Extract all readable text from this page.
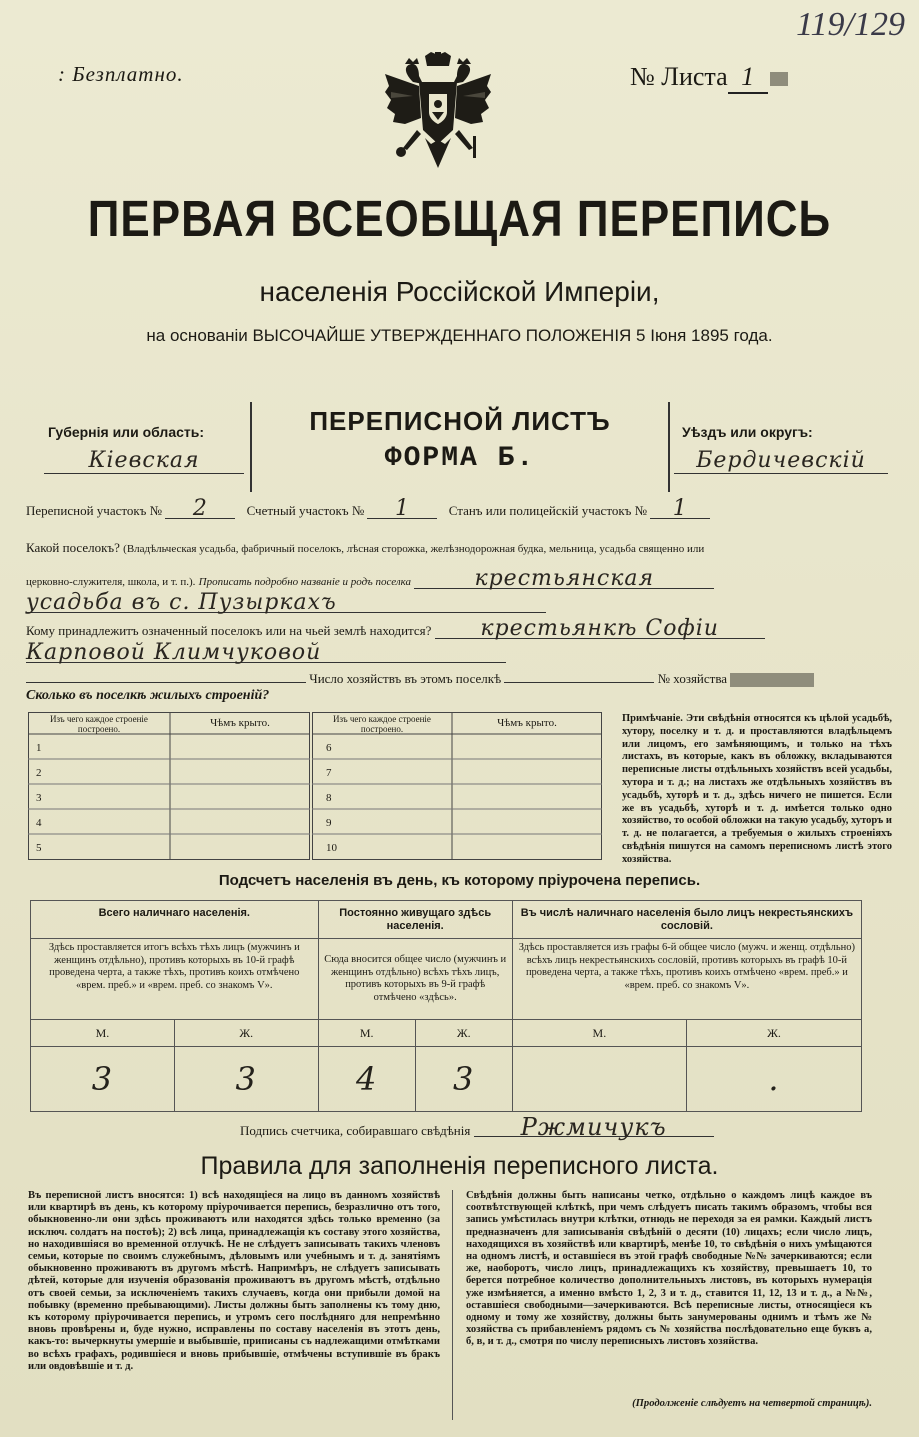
119/129
: Безплатно.	№ Листа 1
ПЕРВАЯ ВСЕОБЩАЯ ПЕРЕПИСЬ
населенія Россійской Имперіи,
на основаніи ВЫСОЧАЙШЕ УТВЕРЖДЕННАГО ПОЛОЖЕНІЯ 5 Іюня 1895 года.
Губернія или область:
Кіевская
ПЕРЕПИСНОЙ ЛИСТЪ
ФОРМА Б.
Уѣздъ или округъ:
Бердичевскій
Переписной участокъ № 2	Счетный участокъ № 1	Станъ или полицейскій участокъ № 1
Какой поселокъ? (Владѣльческая усадьба, фабричный поселокъ, лѣсная сторожка, желѣзнодорожная будка, мельница, усадьба священно или
церковно-служителя, школа, и т. п.). Прописать подробно названіе и родъ поселка	крестьянская
усадьба въ с. Пузыркахъ
Кому принадлежитъ означенный поселокъ или на чьей землѣ находится? крестьянкѣ Софіи
Карповой Климчуковой
Число хозяйствъ въ этомъ поселкѣ	№ хозяйства
Сколько въ поселкѣ жилыхъ строеній?
Изъ чего каждое строеніе построено.	Чѣмъ крыто.
1
2
3
4
5
Изъ чего каждое строеніе построено.	Чѣмъ крыто.
6
7
8
9
10
Примѣчаніе. Эти свѣдѣнія относятся къ цѣлой усадьбѣ, хутору, поселку и т. д. и проставляются владѣльцемъ или лицомъ, его замѣняющимъ, и только на тѣхъ листахъ, въ которые, какъ въ обложку, вкладываются переписные листы отдѣльныхъ хозяйствъ всей усадьбы, хутора и т. д.; на листахъ же отдѣльныхъ хозяйствъ въ усадьбѣ, хуторѣ и т. д., здѣсь ничего не пишется. Если же въ усадьбѣ, хуторѣ и т. д. имѣется только одно хозяйство, то особой обложки на такую усадьбу, хуторъ и т. д. не полагается, а требуемыя о жилыхъ строеніяхъ свѣдѣнія пишутся на самомъ переписномъ листѣ этого хозяйства.
Подсчетъ населенія въ день, къ которому пріурочена перепись.
Всего наличнаго населенія.		Постоянно живущаго здѣсь населенія.		Въ числѣ наличнаго населенія было лицъ некрестьянскихъ сословій.	
Здѣсь проставляется итогъ всѣхъ тѣхъ лицъ (мужчинъ и женщинъ отдѣльно), противъ которыхъ въ 10-й графѣ проведена черта, а также тѣхъ, противъ коихъ отмѣчено «врем. преб.» и «врем. преб. со знакомъ V».		Сюда вносится общее число (мужчинъ и женщинъ отдѣльно) всѣхъ тѣхъ лицъ, противъ которыхъ въ 9-й графѣ отмѣчено «здѣсь».		Здѣсь проставляется изъ графы 6-й общее число (мужч. и женщ. отдѣльно) всѣхъ лицъ некрестьянскихъ сословій, противъ которыхъ въ графѣ 10-й проведена черта, а также тѣхъ, противъ коихъ отмѣчено «врем. преб.» и «врем. преб. со знакомъ V».	
М.	Ж.	М.	Ж.	М.	Ж.
3	3	4	3		.
Подпись счетчика, собиравшаго свѣдѣнія Ржмичукъ
Правила для заполненія переписного листа.
Въ переписной листъ вносятся: 1) всѣ находящіеся на лицо въ данномъ хозяйствѣ или квартирѣ въ день, къ которому пріурочивается перепись, безразлично отъ того, обыкновенно-ли они здѣсь проживаютъ или находятся здѣсь только временно (за исключ. солдатъ на постоѣ); 2) всѣ лица, принадлежащія къ составу этого хозяйства, но находившіяся во временной отлучкѣ. Не не слѣдуетъ записывать такихъ членовъ семьи, которые по своимъ служебнымъ, дѣловымъ или учебнымъ и т. д. занятіямъ обыкновенно проживаютъ въ другомъ мѣстѣ. Напримѣръ, не слѣдуетъ записывать дѣтей, которые для изученія образованія проживаютъ въ другомъ мѣстѣ, отдѣльно отъ своей семьи, за исключеніемъ такихъ случаевъ, когда они прибыли домой на побывку (временно пребывающими). Листы должны быть заполнены къ тому дню, къ которому пріурочивается перепись, и утромъ сего послѣдняго для непремѣнно вновь провѣрены и, буде нужно, исправлены по составу населенія въ этотъ день, какъ-то: вычеркнуты умершіе и выбывшіе, приписаны съ надлежащими отмѣтками во всѣхъ графахъ, родившіеся и вновь прибывшіе, отмѣчены вступившіе въ бракъ или овдовѣвшіе и т. д.
Свѣдѣнія должны быть написаны четко, отдѣльно о каждомъ лицѣ каждое въ соотвѣтствующей клѣткѣ, при чемъ слѣдуетъ писать такимъ образомъ, чтобы вся запись умѣстилась внутри клѣтки, отнюдь не переходя за ея рамки. Каждый листъ предназначенъ для записыванія свѣдѣній о десяти (10) лицахъ; если число лицъ, находящихся въ хозяйствѣ или квартирѣ, менѣе 10, то свѣдѣнія о нихъ умѣщаются на одномъ листѣ, и оставшіеся въ этой графѣ свободные №№ зачеркиваются; если же, наоборотъ, число лицъ, принадлежащихъ къ хозяйству, превышаетъ 10, то берется потребное количество дополнительныхъ листовъ, въ которыхъ нумерація уже измѣняется, а именно вмѣсто 1, 2, 3 и т. д., ставится 11, 12, 13 и т. д., а №№, оставшіеся свободными—зачеркиваются. Всѣ переписные листы, относящіеся къ одному и тому же хозяйству, должны быть занумерованы однимъ и тѣмъ же № хозяйства съ прибавленіемъ рядомъ съ № хозяйства послѣдовательно еще буквъ а, б, в, и т. д., смотря по числу переписныхъ листовъ хозяйства.
(Продолженіе слѣдуетъ на четвертой страницѣ).
